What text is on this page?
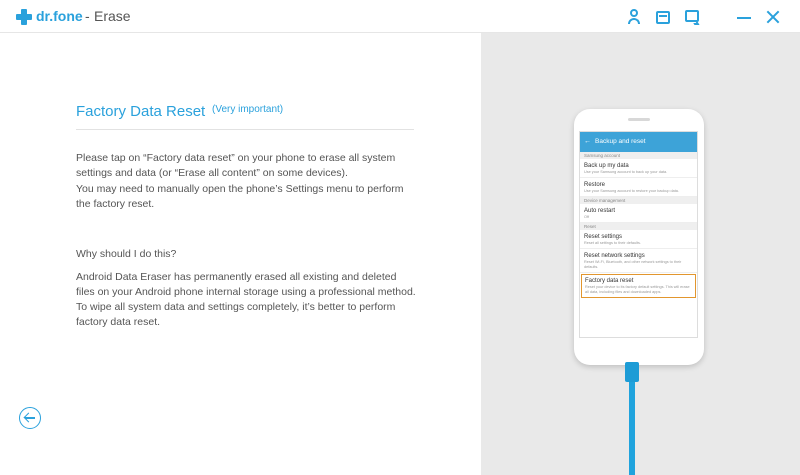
dr.fone - Erase
Factory Data Reset (Very important)

Please tap on “Factory data reset” on your phone to erase all system settings and data (or “Erase all content” on some devices).

You may need to manually open the phone’s Settings menu to perform the factory reset.

Why should I do this?

Android Data Eraser has permanently erased all existing and deleted files on your Android phone internal storage using a professional method. To wipe all system data and settings completely, it’s better to perform factory data reset.

← Backup and reset
Samsung account
Back up my data
Use your Samsung account to back up your data.
Restore
Use your Samsung account to restore your backup data.
Device management
Auto restart
Off
Reset
Reset settings
Reset all settings to their defaults.
Reset network settings
Reset Wi-Fi, Bluetooth, and other network settings to their defaults.
Factory data reset
Reset your device to its factory default settings. This will erase all data, including files and downloaded apps.
